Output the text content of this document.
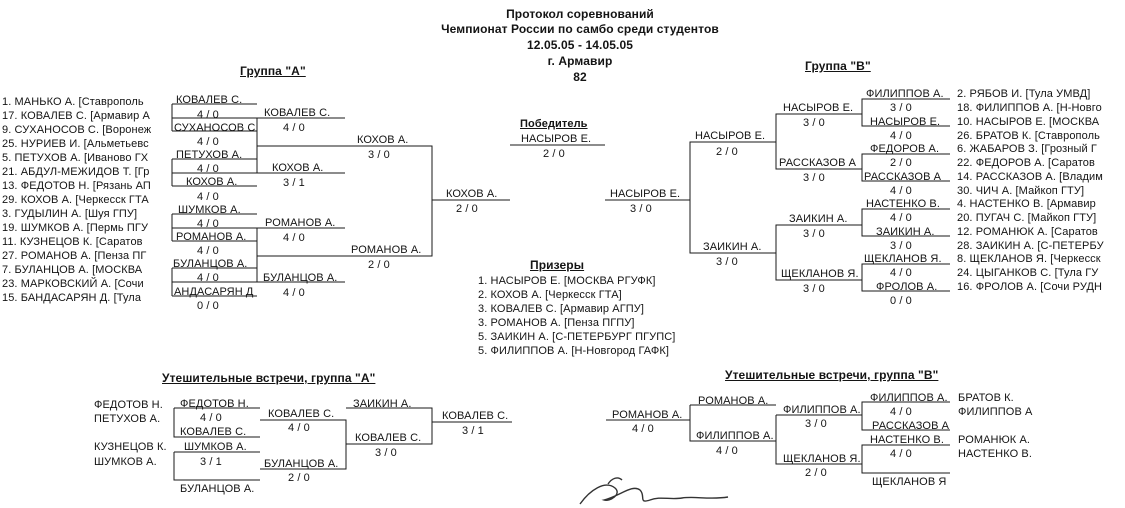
Протокол соревнований
Чемпионат России по самбо среди студентов
12.05.05 - 14.05.05
г. Армавир
82
Группа "А"	Группа "В"
1. МАНЬКО А. [Ставрополь
17. КОВАЛЕВ С. [Армавир А
9. СУХАНОСОВ С. [Воронеж
25. НУРИЕВ И. [Альметьевс
5. ПЕТУХОВ А. [Иваново ГХ
21. АБДУЛ-МЕЖИДОВ Т. [Гр
13. ФЕДОТОВ Н. [Рязань АП
29. КОХОВ А. [Черкесск ГТА
3. ГУДЫЛИН А. [Шуя ГПУ]
19. ШУМКОВ А. [Пермь ПГУ
11. КУЗНЕЦОВ К. [Саратов
27. РОМАНОВ А. [Пенза ПГ
7. БУЛАНЦОВ А. [МОСКВА
23. МАРКОВСКИЙ А. [Сочи
15. БАНДАСАРЯН Д. [Тула
КОВАЛЕВ С.
4 / 0
СУХАНОСОВ С
4 / 0
ПЕТУХОВ А.
4 / 0
КОХОВ А.
4 / 0
ШУМКОВ А.
4 / 0
РОМАНОВ А.
4 / 0
БУЛАНЦОВ А.
4 / 0
АНДАСАРЯН Д
0 / 0
КОВАЛЕВ С.
4 / 0
КОХОВ А.
3 / 1
РОМАНОВ А.
4 / 0
БУЛАНЦОВ А.
4 / 0
КОХОВ А.
3 / 0
РОМАНОВ А.
2 / 0
КОХОВ А.
2 / 0
Победитель
НАСЫРОВ Е.
2 / 0
НАСЫРОВ Е.
3 / 0
НАСЫРОВ Е.
2 / 0
ЗАИКИН А.
3 / 0
НАСЫРОВ Е.
3 / 0
РАССКАЗОВ А
3 / 0
ЗАИКИН А.
3 / 0
ЩЕКЛАНОВ Я.
3 / 0
ФИЛИППОВ А.
3 / 0
НАСЫРОВ Е.
4 / 0
ФЕДОРОВ А.
2 / 0
РАССКАЗОВ А
4 / 0
НАСТЕНКО В.
4 / 0
ЗАИКИН А.
3 / 0
ЩЕКЛАНОВ Я.
4 / 0
ФРОЛОВ А.
0 / 0
2. РЯБОВ И. [Тула УМВД]
18. ФИЛИППОВ А. [Н-Новго
10. НАСЫРОВ Е. [МОСКВА
26. БРАТОВ К. [Ставрополь
6. ЖАБАРОВ З. [Грозный Г
22. ФЕДОРОВ А. [Саратов
14. РАССКАЗОВ А. [Владим
30. ЧИЧ А. [Майкоп ГТУ]
4. НАСТЕНКО В. [Армавир
20. ПУГАЧ С. [Майкоп ГТУ]
12. РОМАНЮК А. [Саратов
28. ЗАИКИН А. [С-ПЕТЕРБУ
8. ЩЕКЛАНОВ Я. [Черкесск
24. ЦЫГАНКОВ С. [Тула ГУ
16. ФРОЛОВ А. [Сочи РУДН
Призеры
1. НАСЫРОВ Е. [МОСКВА РГУФК]
2. КОХОВ А. [Черкесск ГТА]
3. КОВАЛЕВ С. [Армавир АГПУ]
3. РОМАНОВ А. [Пенза ПГПУ]
5. ЗАИКИН А. [С-ПЕТЕРБУРГ ПГУПС]
5. ФИЛИППОВ А. [Н-Новгород ГАФК]
Утешительные встречи, группа "А"
ФЕДОТОВ Н.
ПЕТУХОВ А.
КУЗНЕЦОВ К.
ШУМКОВ А.
ФЕДОТОВ Н.
4 / 0
КОВАЛЕВ С.
ШУМКОВ А.
3 / 1
БУЛАНЦОВ А.
КОВАЛЕВ С.
4 / 0
БУЛАНЦОВ А.
2 / 0
ЗАИКИН А.
КОВАЛЕВ С.
3 / 0
КОВАЛЕВ С.
3 / 1
Утешительные встречи, группа "В"
РОМАНОВ А.
4 / 0
РОМАНОВ А.
ФИЛИППОВ А.
4 / 0
ФИЛИППОВ А.
3 / 0
ЩЕКЛАНОВ Я.
2 / 0
ФИЛИППОВ А.
4 / 0
РАССКАЗОВ А
НАСТЕНКО В.
4 / 0
ЩЕКЛАНОВ Я
БРАТОВ К.
ФИЛИППОВ А
РОМАНЮК А.
НАСТЕНКО В.
